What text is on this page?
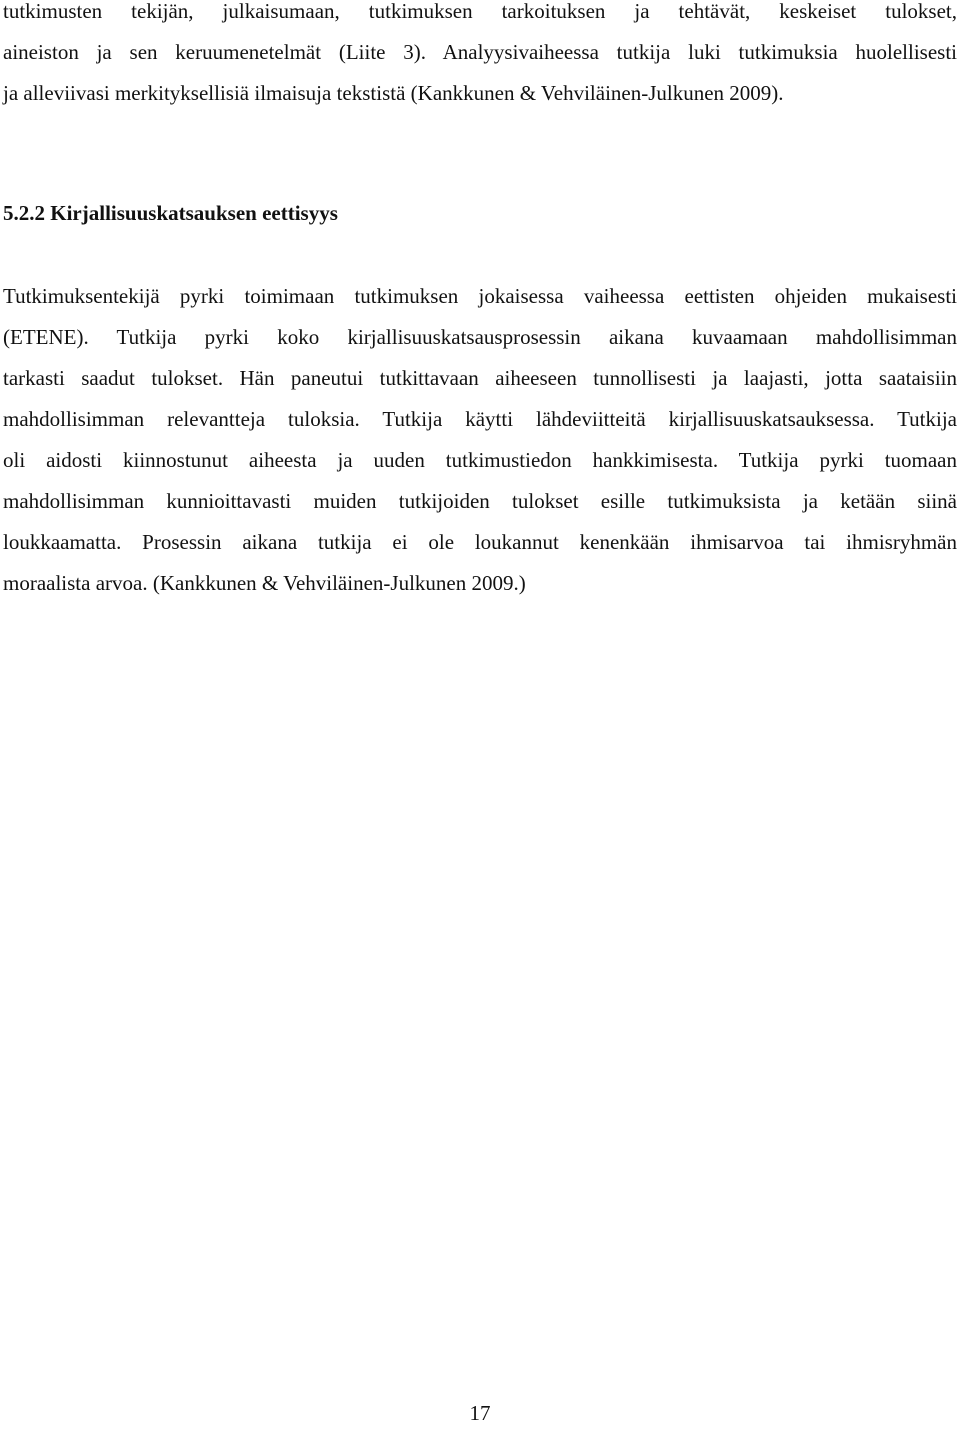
tutkimusten tekijän, julkaisumaan, tutkimuksen tarkoituksen ja tehtävät, keskeiset tulokset,
aineiston ja sen keruumenetelmät (Liite 3). Analyysivaiheessa tutkija luki tutkimuksia huolellisesti
ja alleviivasi merkityksellisiä ilmaisuja tekstistä (Kankkunen & Vehviläinen-Julkunen 2009).

5.2.2 Kirjallisuuskatsauksen eettisyys

Tutkimuksentekijä pyrki toimimaan tutkimuksen jokaisessa vaiheessa eettisten ohjeiden mukaisesti
(ETENE). Tutkija pyrki koko kirjallisuuskatsausprosessin aikana kuvaamaan mahdollisimman
tarkasti saadut tulokset. Hän paneutui tutkittavaan aiheeseen tunnollisesti ja laajasti, jotta saataisiin
mahdollisimman relevantteja tuloksia. Tutkija käytti lähdeviitteitä kirjallisuuskatsauksessa. Tutkija
oli aidosti kiinnostunut aiheesta ja uuden tutkimustiedon hankkimisesta. Tutkija pyrki tuomaan
mahdollisimman kunnioittavasti muiden tutkijoiden tulokset esille tutkimuksista ja ketään siinä
loukkaamatta. Prosessin aikana tutkija ei ole loukannut kenenkään ihmisarvoa tai ihmisryhmän
moraalista arvoa. (Kankkunen & Vehviläinen-Julkunen 2009.)

17
